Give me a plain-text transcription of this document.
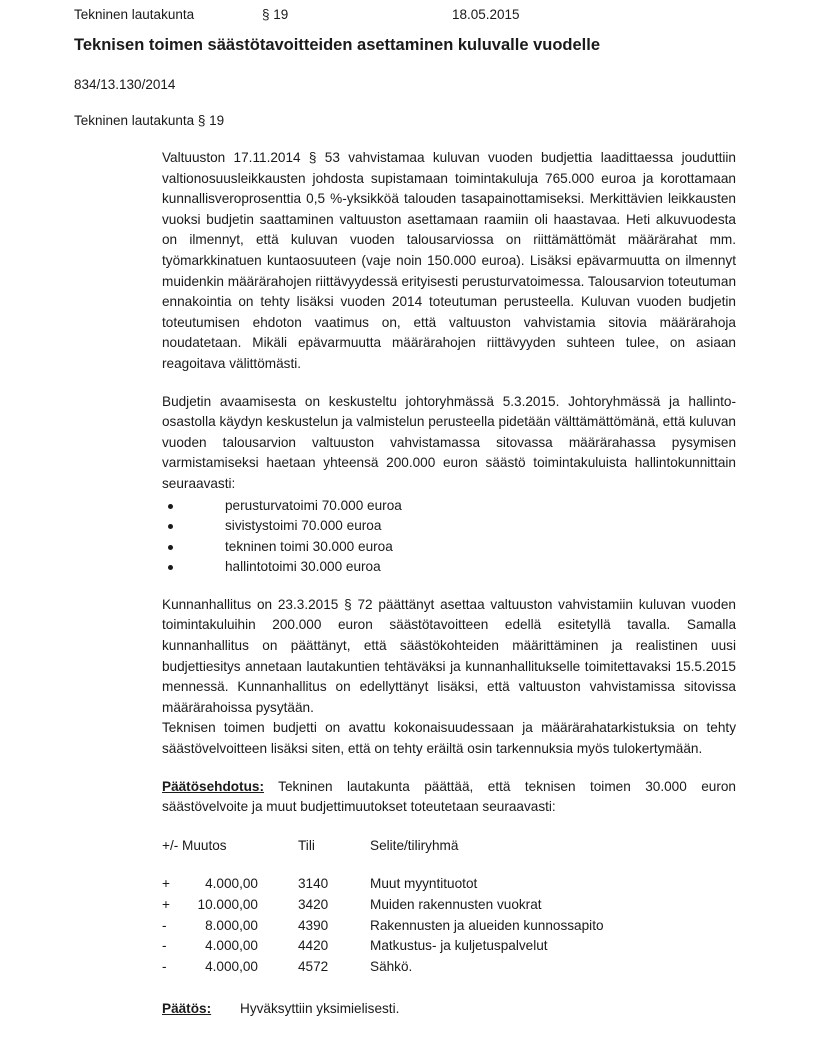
Tekninen lautakunta	§ 19	18.05.2015
Teknisen toimen säästötavoitteiden asettaminen kuluvalle vuodelle
834/13.130/2014
Tekninen lautakunta § 19

Valtuuston 17.11.2014 § 53 vahvistamaa kuluvan vuoden budjettia laadittaessa jouduttiin valtionosuusleikkausten johdosta supistamaan toimintakuluja 765.000 euroa ja korottamaan kunnallisveroprosenttia 0,5 %-yksikköä talouden tasapainottamiseksi. Merkittävien leikkausten vuoksi budjetin saattaminen valtuuston asettamaan raamiin oli haastavaa. Heti alkuvuodesta on ilmennyt, että kuluvan vuoden talousarviossa on riittämättömät määrärahat mm. työmarkkinatuen kuntaosuuteen (vaje noin 150.000 euroa). Lisäksi epävarmuutta on ilmennyt muidenkin määrärahojen riittävyydessä erityisesti perusturvatoimessa. Talousarvion toteutuman ennakointia on tehty lisäksi vuoden 2014 toteutuman perusteella. Kuluvan vuoden budjetin toteutumisen ehdoton vaatimus on, että valtuuston vahvistamia sitovia määrärahoja noudatetaan. Mikäli epävarmuutta määrärahojen riittävyyden suhteen tulee, on asiaan reagoitava välittömästi.

Budjetin avaamisesta on keskusteltu johtoryhmässä 5.3.2015. Johtoryhmässä ja hallinto-osastolla käydyn keskustelun ja valmistelun perusteella pidetään välttämättömänä, että kuluvan vuoden talousarvion valtuuston vahvistamassa sitovassa määrärahassa pysymisen varmistamiseksi haetaan yhteensä 200.000 euron säästö toimintakuluista hallintokunnittain seuraavasti:

perusturvatoimi 70.000 euroa
sivistystoimi 70.000 euroa
tekninen toimi 30.000 euroa
hallintotoimi 30.000 euroa

Kunnanhallitus on 23.3.2015 § 72 päättänyt asettaa valtuuston vahvistamiin kuluvan vuoden toimintakuluihin 200.000 euron säästötavoitteen edellä esitetyllä tavalla. Samalla kunnanhallitus on päättänyt, että säästökohteiden määrittäminen ja realistinen uusi budjettiesitys annetaan lautakuntien tehtäväksi ja kunnanhallitukselle toimitettavaksi 15.5.2015 mennessä. Kunnanhallitus on edellyttänyt lisäksi, että valtuuston vahvistamissa sitovissa määrärahoissa pysytään.

Teknisen toimen budjetti on avattu kokonaisuudessaan ja määrärahatarkistuksia on tehty säästövelvoitteen lisäksi siten, että on tehty eräiltä osin tarkennuksia myös tulokertymään.

Päätösehdotus: Tekninen lautakunta päättää, että teknisen toimen 30.000 euron säästövelvoite ja muut budjettimuutokset toteutetaan seuraavasti:

+/- Muutos	Tili	Selite/tiliryhmä

+ 4.000,00	3140	Muut myyntituotot
+ 10.000,00	3420	Muiden rakennusten vuokrat
- 8.000,00	4390	Rakennusten ja alueiden kunnossapito
- 4.000,00	4420	Matkustus- ja kuljetuspalvelut
- 4.000,00	4572	Sähkö.
Päätös: Hyväksyttiin yksimielisesti.
